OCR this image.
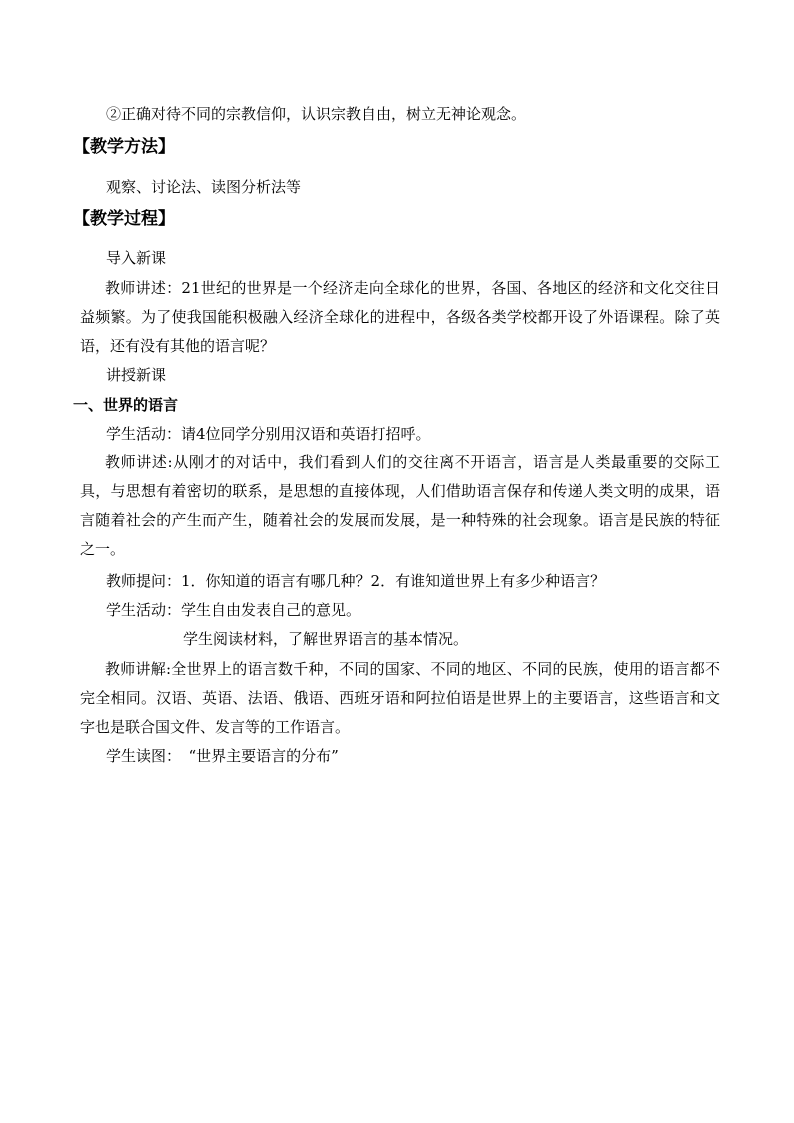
②正确对待不同的宗教信仰，认识宗教自由，树立无神论观念。
【教学方法】
观察、讨论法、读图分析法等
【教学过程】
导入新课
教师讲述：21世纪的世界是一个经济走向全球化的世界，各国、各地区的经济和文化交往日益频繁。为了使我国能积极融入经济全球化的进程中，各级各类学校都开设了外语课程。除了英语，还有没有其他的语言呢？
讲授新课
一、世界的语言
学生活动：请4位同学分别用汉语和英语打招呼。
教师讲述:从刚才的对话中，我们看到人们的交往离不开语言，语言是人类最重要的交际工具，与思想有着密切的联系，是思想的直接体现，人们借助语言保存和传递人类文明的成果，语言随着社会的产生而产生，随着社会的发展而发展，是一种特殊的社会现象。语言是民族的特征之一。
教师提问：1．你知道的语言有哪几种？2．有谁知道世界上有多少种语言？
学生活动：学生自由发表自己的意见。
学生阅读材料，了解世界语言的基本情况。
教师讲解:全世界上的语言数千种，不同的国家、不同的地区、不同的民族，使用的语言都不完全相同。汉语、英语、法语、俄语、西班牙语和阿拉伯语是世界上的主要语言，这些语言和文字也是联合国文件、发言等的工作语言。
学生读图：　“世界主要语言的分布”
